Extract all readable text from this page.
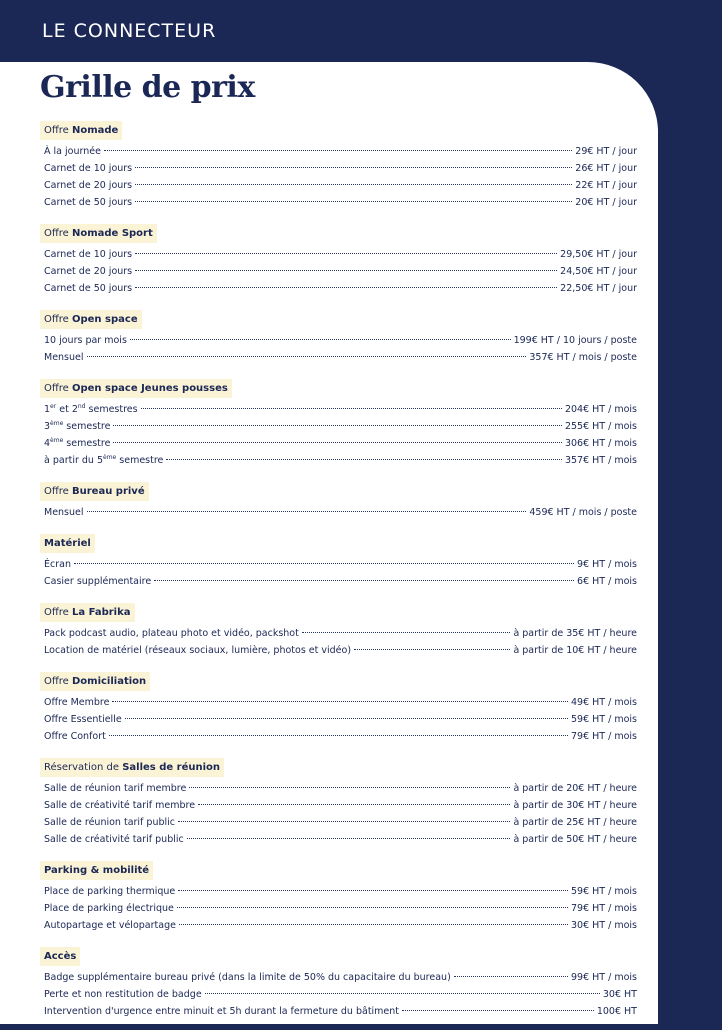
LE CONNECTEUR
Grille de prix
Offre Nomade
À la journée	29€ HT / jour
Carnet de 10 jours	26€ HT / jour
Carnet de 20 jours	22€ HT / jour
Carnet de 50 jours	20€ HT / jour
Offre Nomade Sport
Carnet de 10 jours	29,50€ HT / jour
Carnet de 20 jours	24,50€ HT / jour
Carnet de 50 jours	22,50€ HT / jour
Offre Open space
10 jours par mois	199€ HT / 10 jours / poste
Mensuel	357€ HT / mois / poste
Offre Open space Jeunes pousses
1er et 2nd semestres	204€ HT / mois
3ème semestre	255€ HT / mois
4ème semestre	306€ HT / mois
à partir du 5ème semestre	357€ HT / mois
Offre Bureau privé
Mensuel	459€ HT / mois / poste
Matériel
Écran	9€ HT / mois
Casier supplémentaire	6€ HT / mois
Offre La Fabrika
Pack podcast audio, plateau photo et vidéo, packshot	à partir de 35€ HT / heure
Location de matériel (réseaux sociaux, lumière, photos et vidéo)	à partir de 10€ HT / heure
Offre Domiciliation
Offre Membre	49€ HT / mois
Offre Essentielle	59€ HT / mois
Offre Confort	79€ HT / mois
Réservation de Salles de réunion
Salle de réunion tarif membre	à partir de 20€ HT / heure
Salle de créativité tarif membre	à partir de 30€ HT / heure
Salle de réunion tarif public	à partir de 25€ HT / heure
Salle de créativité tarif public	à partir de 50€ HT / heure
Parking & mobilité
Place de parking thermique	59€ HT / mois
Place de parking électrique	79€ HT / mois
Autopartage et vélopartage	30€ HT / mois
Accès
Badge supplémentaire bureau privé (dans la limite de 50% du capacitaire du bureau)	99€ HT / mois
Perte et non restitution de badge	30€ HT
Intervention d'urgence entre minuit et 5h durant la fermeture du bâtiment	100€ HT
